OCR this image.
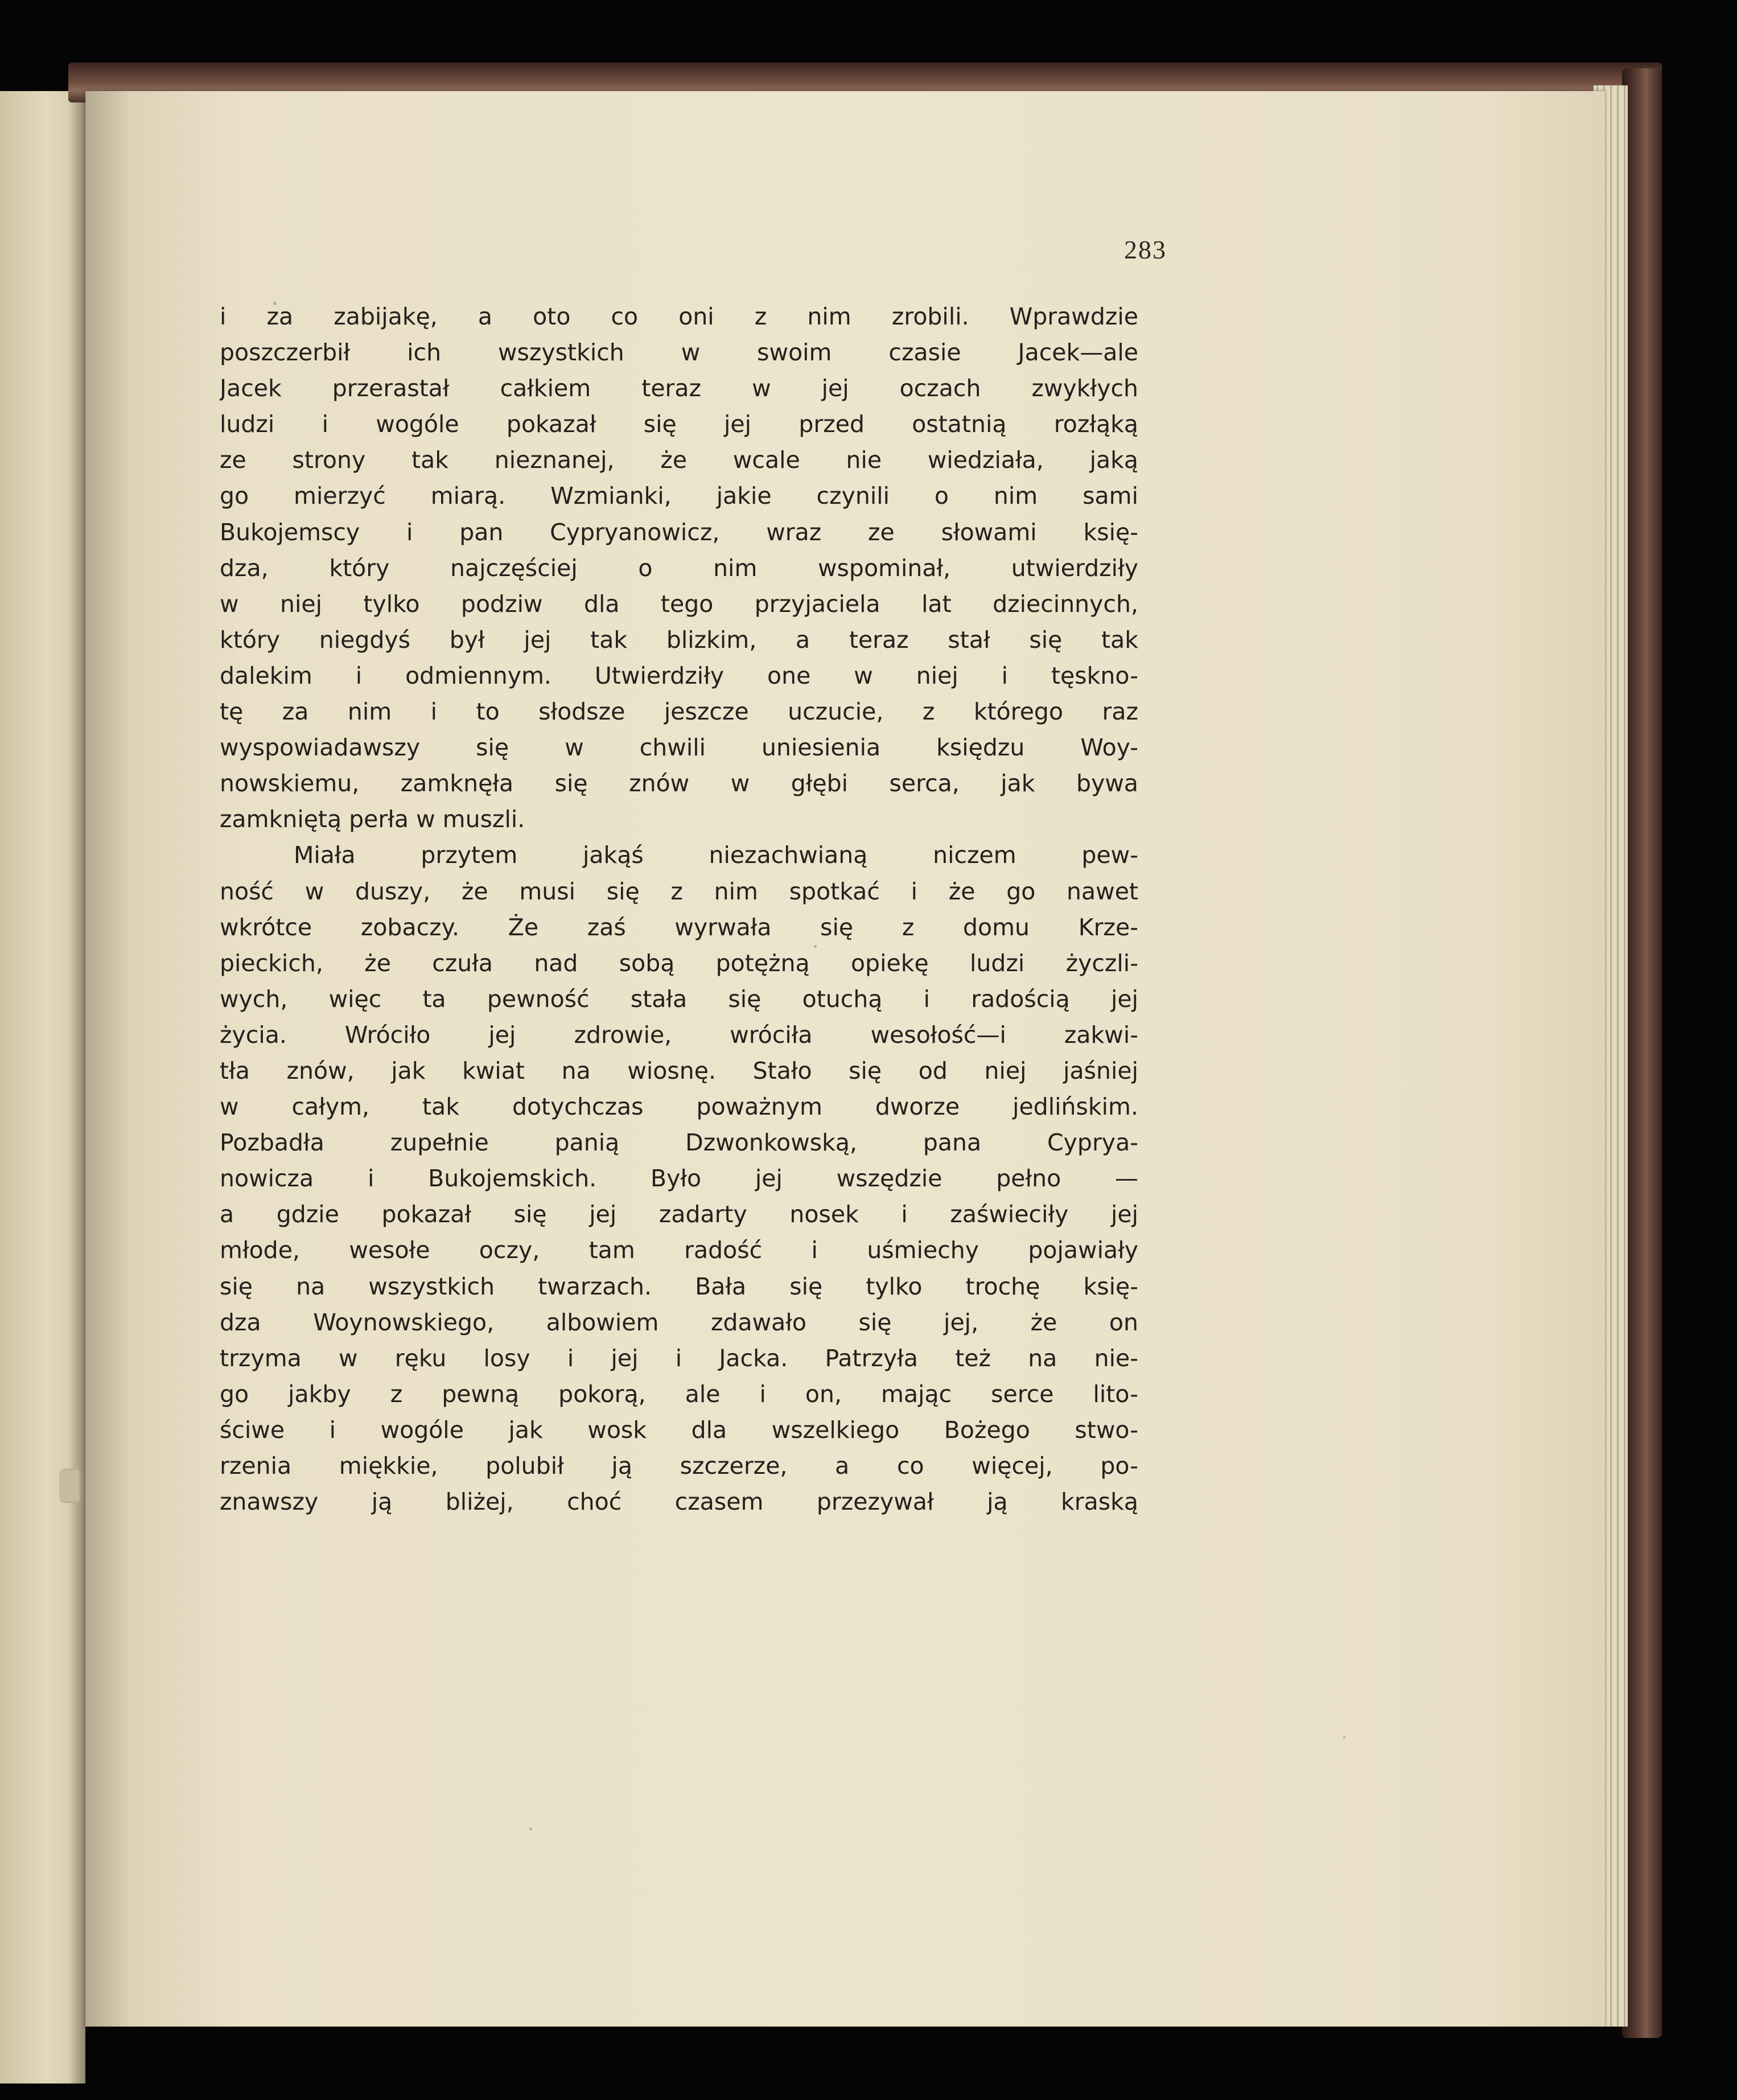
283
i za zabijakę, a oto co oni z nim zrobili. Wprawdzie
poszczerbił ich wszystkich w swoim czasie Jacek—ale
Jacek przerastał całkiem teraz w jej oczach zwykłych
ludzi i wogóle pokazał się jej przed ostatnią rozłąką
ze strony tak nieznanej, że wcale nie wiedziała, jaką
go mierzyć miarą. Wzmianki, jakie czynili o nim sami
Bukojemscy i pan Cypryanowicz, wraz ze słowami księ-
dza, który najczęściej o nim wspominał, utwierdziły
w niej tylko podziw dla tego przyjaciela lat dziecinnych,
który niegdyś był jej tak blizkim, a teraz stał się tak
dalekim i odmiennym. Utwierdziły one w niej i tęskno-
tę za nim i to słodsze jeszcze uczucie, z którego raz
wyspowiadawszy się w chwili uniesienia księdzu Woy-
nowskiemu, zamknęła się znów w głębi serca, jak bywa
zamkniętą perła w muszli.
Miała przytem jakąś niezachwianą niczem pew-
ność w duszy, że musi się z nim spotkać i że go nawet
wkrótce zobaczy. Że zaś wyrwała się z domu Krze-
pieckich, że czuła nad sobą potężną opiekę ludzi życzli-
wych, więc ta pewność stała się otuchą i radością jej
życia. Wróciło jej zdrowie, wróciła wesołość—i zakwi-
tła znów, jak kwiat na wiosnę. Stało się od niej jaśniej
w całym, tak dotychczas poważnym dworze jedlińskim.
Pozbadła zupełnie panią Dzwonkowską, pana Cyprya-
nowicza i Bukojemskich. Było jej wszędzie pełno —
a gdzie pokazał się jej zadarty nosek i zaświeciły jej
młode, wesołe oczy, tam radość i uśmiechy pojawiały
się na wszystkich twarzach. Bała się tylko trochę księ-
dza Woynowskiego, albowiem zdawało się jej, że on
trzyma w ręku losy i jej i Jacka. Patrzyła też na nie-
go jakby z pewną pokorą, ale i on, mając serce lito-
ściwe i wogóle jak wosk dla wszelkiego Bożego stwo-
rzenia miękkie, polubił ją szczerze, a co więcej, po-
znawszy ją bliżej, choć czasem przezywał ją kraską
